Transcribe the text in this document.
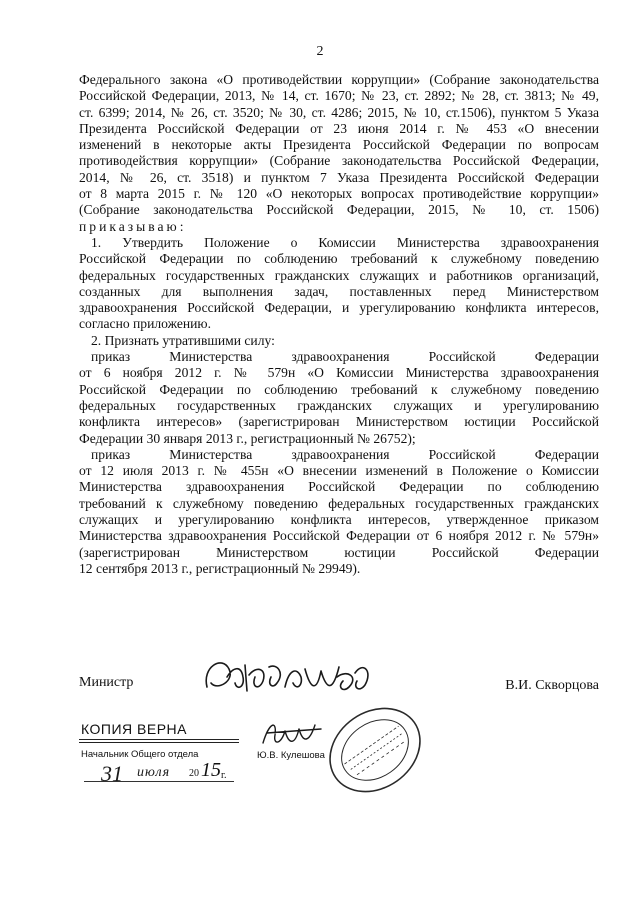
2

Федерального закона «О противодействии коррупции» (Собрание законодательства

Российской Федерации, 2013, № 14, ст. 1670; № 23, ст. 2892; № 28, ст. 3813; № 49,

ст. 6399; 2014, № 26, ст. 3520; № 30, ст. 4286; 2015, № 10, ст.1506), пунктом 5 Указа

Президента Российской Федерации от 23 июня 2014 г. № 453 «О внесении

изменений в некоторые акты Президента Российской Федерации по вопросам

противодействия коррупции» (Собрание законодательства Российской Федерации,

2014, № 26, ст. 3518) и пунктом 7 Указа Президента Российской Федерации

от 8 марта 2015 г. № 120 «О некоторых вопросах противодействие коррупции»

(Собрание законодательства Российской Федерации, 2015, № 10, ст. 1506)

приказываю:

1. Утвердить Положение о Комиссии Министерства здравоохранения

Российской Федерации по соблюдению требований к служебному поведению

федеральных государственных гражданских служащих и работников организаций,

созданных для выполнения задач, поставленных перед Министерством

здравоохранения Российской Федерации, и урегулированию конфликта интересов,

согласно приложению.

2. Признать утратившими силу:

приказ Министерства здравоохранения Российской Федерации

от 6 ноября 2012 г. № 579н «О Комиссии Министерства здравоохранения

Российской Федерации по соблюдению требований к служебному поведению

федеральных государственных гражданских служащих и урегулированию

конфликта интересов» (зарегистрирован Министерством юстиции Российской

Федерации 30 января 2013 г., регистрационный № 26752);

приказ Министерства здравоохранения Российской Федерации

от 12 июля 2013 г. № 455н «О внесении изменений в Положение о Комиссии

Министерства здравоохранения Российской Федерации по соблюдению

требований к служебному поведению федеральных государственных гражданских

служащих и урегулированию конфликта интересов, утвержденное приказом

Министерства здравоохранения Российской Федерации от 6 ноября 2012 г. № 579н»

(зарегистрирован Министерством юстиции Российской Федерации

12 сентября 2013 г., регистрационный № 29949).

Министр	В.И. Скворцова
КОПИЯ ВЕРНА
Начальник Общего отдела	Ю.В. Кулешова
31 июля 20 15 г.
